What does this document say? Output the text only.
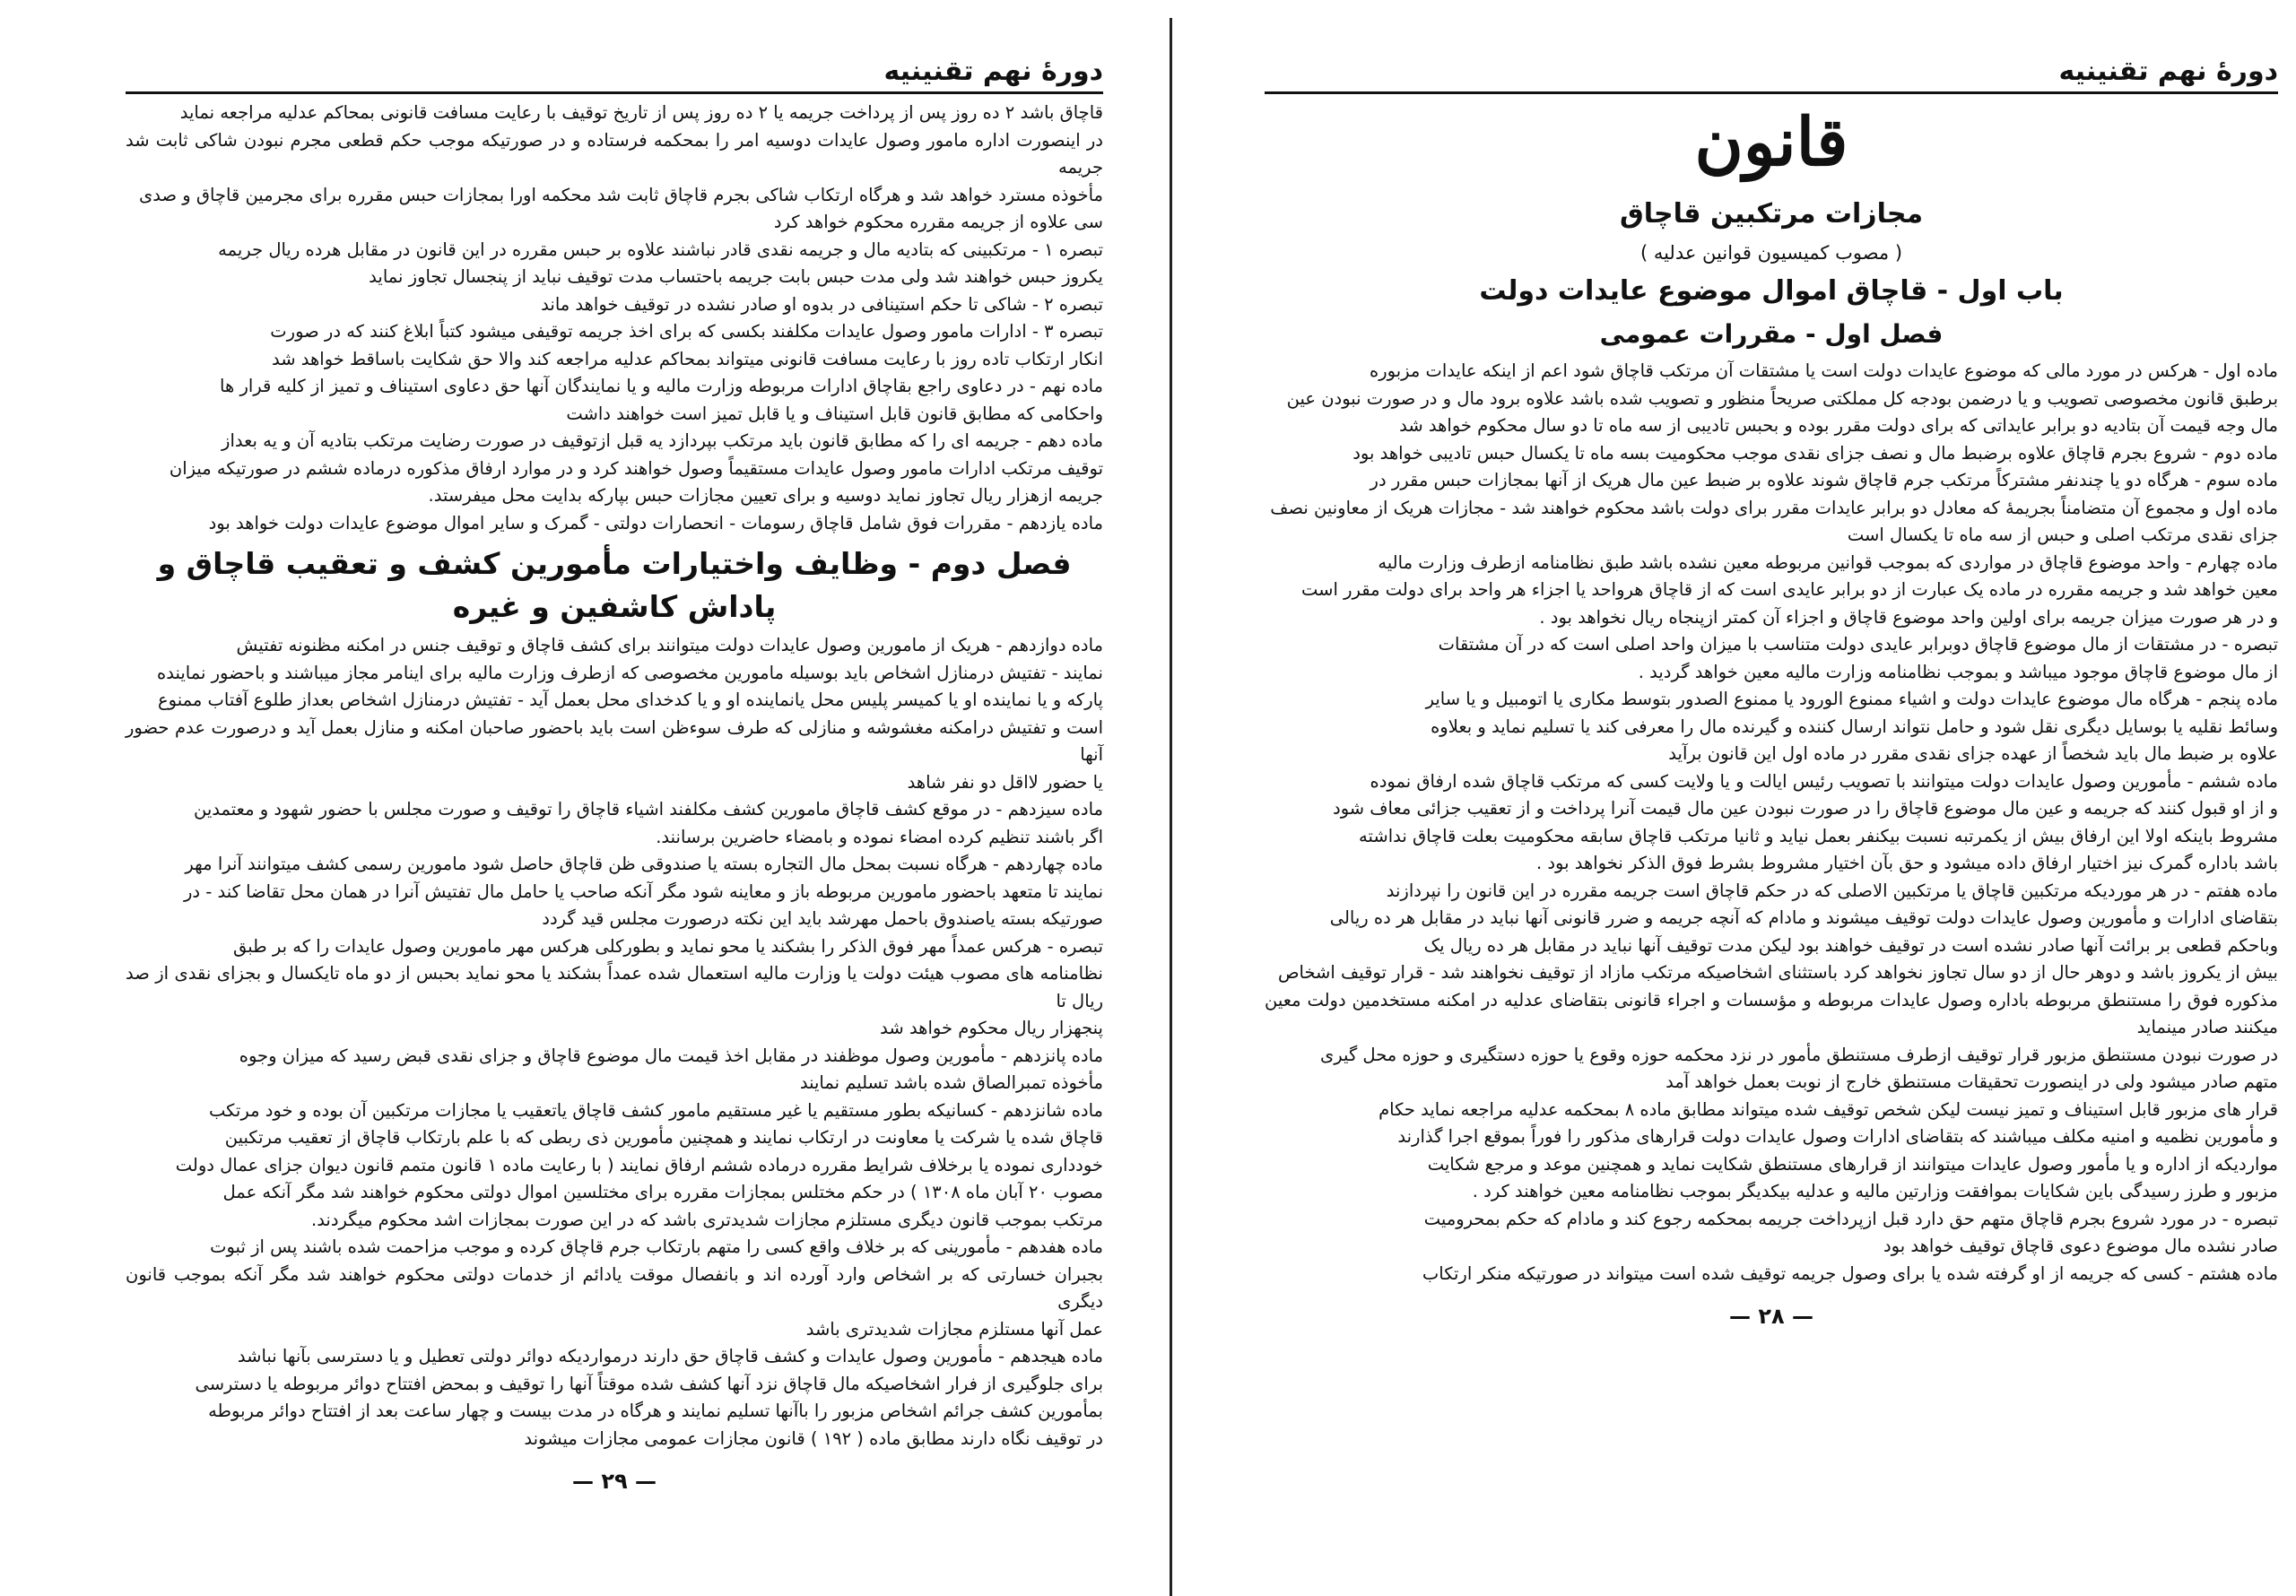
دورهٔ نهم تقنینیه

قاچاق باشد ۲ ده روز پس از پرداخت جریمه یا ۲ ده روز پس از تاریخ توقیف با رعایت مسافت قانونی بمحاکم عدلیه مراجعه نماید

در اینصورت اداره مامور وصول عایدات دوسیه امر را بمحکمه فرستاده و در صورتیکه موجب حکم قطعی مجرم نبودن شاکی ثابت شد جریمه

مأخوذه مسترد خواهد شد و هرگاه ارتکاب شاکی بجرم قاچاق ثابت شد محکمه اورا بمجازات حبس مقرره برای مجرمین قاچاق و صدی

سی علاوه از جریمه مقرره محکوم خواهد کرد

تبصره ۱ - مرتکبینی که بتادیه مال و جریمه نقدی قادر نباشند علاوه بر حبس مقرره در این قانون در مقابل هرده ریال جریمه

یکروز حبس خواهند شد ولی مدت حبس بابت جریمه باحتساب مدت توقیف نباید از پنجسال تجاوز نماید

تبصره ۲ - شاکی تا حکم استینافی در بدوه او صادر نشده در توقیف خواهد ماند

تبصره ۳ - ادارات مامور وصول عایدات مکلفند بکسی که برای اخذ جریمه توقیفی میشود کتباً ابلاغ کنند که در صورت

انکار ارتکاب تاده روز با رعایت مسافت قانونی میتواند بمحاکم عدلیه مراجعه کند والا حق شکایت باساقط خواهد شد

ماده نهم - در دعاوی راجع بقاچاق ادارات مربوطه وزارت مالیه و یا نمایندگان آنها حق دعاوی استیناف و تمیز از کلیه قرار ها

واحکامی که مطابق قانون قابل استیناف و یا قابل تمیز است خواهند داشت

ماده دهم - جریمه ای را که مطابق قانون باید مرتکب بپردازد یه قبل ازتوقیف در صورت رضایت مرتکب بتادیه آن و یه بعداز

توقیف مرتکب ادارات مامور وصول عایدات مستقیماً وصول خواهند کرد و در موارد ارفاق مذکوره درماده ششم در صورتیکه میزان

جریمه ازهزار ریال تجاوز نماید دوسیه و برای تعیین مجازات حبس بپارکه بدایت محل میفرستد.

ماده یازدهم - مقررات فوق شامل قاچاق رسومات - انحصارات دولتی - گمرک و سایر اموال موضوع عایدات دولت خواهد بود

فصل دوم - وظایف واختیارات مأمورین کشف و تعقیب قاچاق و پاداش کاشفین و غیره

ماده دوازدهم - هریک از مامورین وصول عایدات دولت میتوانند برای کشف قاچاق و توقیف جنس در امکنه مظنونه تفتیش

نمایند - تفتیش درمنازل اشخاص باید بوسیله مامورین مخصوصی که ازطرف وزارت مالیه برای اینامر مجاز میباشند و باحضور نماینده

پارکه و یا نماینده او یا کمیسر پلیس محل یانماینده او و یا کدخدای محل بعمل آید - تفتیش درمنازل اشخاص بعداز طلوع آفتاب ممنوع

است و تفتیش درامکنه مغشوشه و منازلی که طرف سوءظن است باید باحضور صاحبان امکنه و منازل بعمل آید و درصورت عدم حضور آنها

یا حضور لااقل دو نفر شاهد

ماده سیزدهم - در موقع کشف قاچاق مامورین کشف مکلفند اشیاء قاچاق را توقیف و صورت مجلس با حضور شهود و معتمدین

اگر باشند تنظیم کرده امضاء نموده و بامضاء حاضرین برسانند.

ماده چهاردهم - هرگاه نسبت بمحل مال التجاره بسته یا صندوقی ظن قاچاق حاصل شود مامورین رسمی کشف میتوانند آنرا مهر

نمایند تا متعهد باحضور مامورین مربوطه باز و معاینه شود مگر آنکه صاحب یا حامل مال تفتیش آنرا در همان محل تقاضا کند - در

صورتیکه بسته یاصندوق باحمل مهرشد باید این نکته درصورت مجلس قید گردد

تبصره - هرکس عمداً مهر فوق الذکر را بشکند یا محو نماید و بطورکلی هرکس مهر مامورین وصول عایدات را که بر طبق

نظامنامه های مصوب هیئت دولت یا وزارت مالیه استعمال شده عمداً بشکند یا محو نماید بحبس از دو ماه تایکسال و بجزای نقدی از صد ریال تا

پنجهزار ریال محکوم خواهد شد

ماده پانزدهم - مأمورین وصول موظفند در مقابل اخذ قیمت مال موضوع قاچاق و جزای نقدی قبض رسید که میزان وجوه

مأخوذه تمبرالصاق شده باشد تسلیم نمایند

ماده شانزدهم - کسانیکه بطور مستقیم یا غیر مستقیم مامور کشف قاچاق یاتعقیب یا مجازات مرتکبین آن بوده و خود مرتکب

قاچاق شده یا شرکت یا معاونت در ارتکاب نمایند و همچنین مأمورین ذی ربطی که با علم بارتکاب قاچاق از تعقیب مرتکبین

خودداری نموده یا برخلاف شرایط مقرره درماده ششم ارفاق نمایند ( با رعایت ماده ۱ قانون متمم قانون دیوان جزای عمال دولت

مصوب ۲۰ آبان ماه ۱۳۰۸ ) در حکم مختلس بمجازات مقرره برای مختلسین اموال دولتی محکوم خواهند شد مگر آنکه عمل

مرتکب بموجب قانون دیگری مستلزم مجازات شدیدتری باشد که در این صورت بمجازات اشد محکوم میگردند.

ماده هفدهم - مأمورینی که بر خلاف واقع کسی را متهم بارتکاب جرم قاچاق کرده و موجب مزاحمت شده باشند پس از ثبوت

بجبران خسارتی که بر اشخاص وارد آورده اند و بانفصال موقت یادائم از خدمات دولتی محکوم خواهند شد مگر آنکه بموجب قانون دیگری

عمل آنها مستلزم مجازات شدیدتری باشد

ماده هیجدهم - مأمورین وصول عایدات و کشف قاچاق حق دارند درمواردیکه دوائر دولتی تعطیل و یا دسترسی بآنها نباشد

برای جلوگیری از فرار اشخاصیکه مال قاچاق نزد آنها کشف شده موقتاً آنها را توقیف و بمحض افتتاح دوائر مربوطه یا دسترسی

بمأمورین کشف جرائم اشخاص مزبور را باآنها تسلیم نمایند و هرگاه در مدت بیست و چهار ساعت بعد از افتتاح دوائر مربوطه

در توقیف نگاه دارند مطابق ماده ( ۱۹۲ ) قانون مجازات عمومی مجازات میشوند

— ۲۹ —
دورهٔ نهم تقنینیه
قانون
مجازات مرتکبین قاچاق
( مصوب کمیسیون قوانین عدلیه )
باب اول - قاچاق اموال موضوع عایدات دولت
فصل اول - مقررات عمومی

ماده اول - هرکس در مورد مالی که موضوع عایدات دولت است یا مشتقات آن مرتکب قاچاق شود اعم از اینکه عایدات مزبوره

برطبق قانون مخصوصی تصویب و یا درضمن بودجه کل مملکتی صریحاً منظور و تصویب شده باشد علاوه برود مال و در صورت نبودن عین

مال وجه قیمت آن بتادیه دو برابر عایداتی که برای دولت مقرر بوده و بحبس تادیبی از سه ماه تا دو سال محکوم خواهد شد

ماده دوم - شروع بجرم قاچاق علاوه برضبط مال و نصف جزای نقدی موجب محکومیت بسه ماه تا یکسال حبس تادیبی خواهد بود

ماده سوم - هرگاه دو یا چندنفر مشترکاً مرتکب جرم قاچاق شوند علاوه بر ضبط عین مال هریک از آنها بمجازات حبس مقرر در

ماده اول و مجموع آن متضامناً بجریمهٔ که معادل دو برابر عایدات مقرر برای دولت باشد محکوم خواهند شد - مجازات هریک از معاونین نصف

جزای نقدی مرتکب اصلی و حبس از سه ماه تا یکسال است

ماده چهارم - واحد موضوع قاچاق در مواردی که بموجب قوانین مربوطه معین نشده باشد طبق نظامنامه ازطرف وزارت مالیه

معین خواهد شد و جریمه مقرره در ماده یک عبارت از دو برابر عایدی است که از قاچاق هرواحد یا اجزاء هر واحد برای دولت مقرر است

و در هر صورت میزان جریمه برای اولین واحد موضوع قاچاق و اجزاء آن کمتر ازپنجاه ریال نخواهد بود .

تبصره - در مشتقات از مال موضوع قاچاق دوبرابر عایدی دولت متناسب با میزان واحد اصلی است که در آن مشتقات

از مال موضوع قاچاق موجود میباشد و بموجب نظامنامه وزارت مالیه معین خواهد گردید .

ماده پنجم - هرگاه مال موضوع عایدات دولت و اشیاء ممنوع الورود یا ممنوع الصدور بتوسط مکاری یا اتومبیل و یا سایر

وسائط نقلیه یا بوسایل دیگری نقل شود و حامل نتواند ارسال کننده و گیرنده مال را معرفی کند یا تسلیم نماید و بعلاوه

علاوه بر ضبط مال باید شخصاً از عهده جزای نقدی مقرر در ماده اول این قانون برآید

ماده ششم - مأمورین وصول عایدات دولت میتوانند با تصویب رئیس ایالت و یا ولایت کسی که مرتکب قاچاق شده ارفاق نموده

و از او قبول کنند که جریمه و عین مال موضوع قاچاق را در صورت نبودن عین مال قیمت آنرا پرداخت و از تعقیب جزائی معاف شود

مشروط باینکه اولا این ارفاق بیش از یکمرتبه نسبت بیکنفر بعمل نیاید و ثانیا مرتکب قاچاق سابقه محکومیت بعلت قاچاق نداشته

باشد باداره گمرک نیز اختیار ارفاق داده میشود و حق بآن اختیار مشروط بشرط فوق الذکر نخواهد بود .

ماده هفتم - در هر موردیکه مرتکبین قاچاق یا مرتکبین الاصلی که در حکم قاچاق است جریمه مقرره در این قانون را نپردازند

بتقاضای ادارات و مأمورین وصول عایدات دولت توقیف میشوند و مادام که آنچه جریمه و ضرر قانونی آنها نباید در مقابل هر ده ریالی

وباحکم قطعی بر برائت آنها صادر نشده است در توقیف خواهند بود لیکن مدت توقیف آنها نباید در مقابل هر ده ریال یک

بیش از یکروز باشد و دوهر حال از دو سال تجاوز نخواهد کرد باستثنای اشخاصیکه مرتکب مازاد از توقیف نخواهند شد - قرار توقیف اشخاص

مذکوره فوق را مستنطق مربوطه باداره وصول عایدات مربوطه و مؤسسات و اجراء قانونی بتقاضای عدلیه در امکنه مستخدمین دولت معین میکنند صادر مینماید

در صورت نبودن مستنطق مزبور قرار توقیف ازطرف مستنطق مأمور در نزد محکمه حوزه وقوع یا حوزه دستگیری و حوزه محل گیری

متهم صادر میشود ولی در اینصورت تحقیقات مستنطق خارج از نوبت بعمل خواهد آمد

قرار های مزبور قابل استیناف و تمیز نیست لیکن شخص توقیف شده میتواند مطابق ماده ۸ بمحکمه عدلیه مراجعه نماید حکام

و مأمورین نظمیه و امنیه مکلف میباشند که بتقاضای ادارات وصول عایدات دولت قرارهای مذکور را فوراً بموقع اجرا گذارند

مواردیکه از اداره و یا مأمور وصول عایدات میتوانند از قرارهای مستنطق شکایت نماید و همچنین موعد و مرجع شکایت

مزبور و طرز رسیدگی باین شکایات بموافقت وزارتین مالیه و عدلیه بیکدیگر بموجب نظامنامه معین خواهند کرد .

تبصره - در مورد شروع بجرم قاچاق متهم حق دارد قبل ازپرداخت جریمه بمحکمه رجوع کند و مادام که حکم بمحرومیت

صادر نشده مال موضوع دعوی قاچاق توقیف خواهد بود

ماده هشتم - کسی که جریمه از او گرفته شده یا برای وصول جریمه توقیف شده است میتواند در صورتیکه منکر ارتکاب

— ۲۸ —
